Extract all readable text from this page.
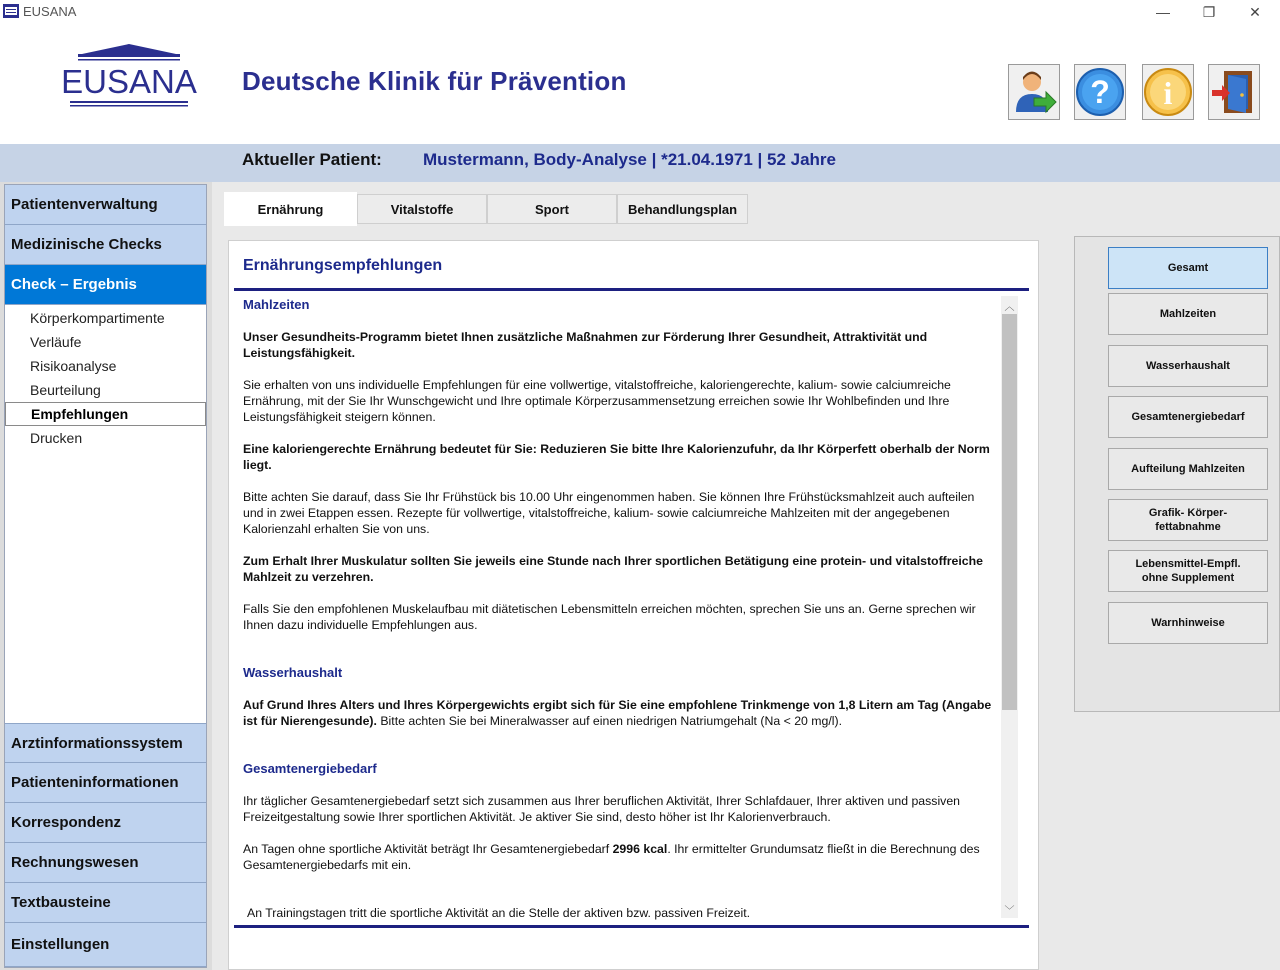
EUSANA	— ❐ ✕
EUSANA Deutsche Klinik für Prävention	? i
Aktueller Patient: Mustermann, Body-Analyse | *21.04.1971 | 52 Jahre
Patientenverwaltung
Medizinische Checks
Check – Ergebnis
Körperkompartimente
Verläufe
Risikoanalyse
Beurteilung
Empfehlungen
Drucken
Arztinformationssystem
Patienteninformationen
Korrespondenz
Rechnungswesen
Textbausteine
Einstellungen
Ernährung	Vitalstoffe	Sport	Behandlungsplan
Ernährungsempfehlungen
︿
﹀
Mahlzeiten
Unser Gesundheits-Programm bietet Ihnen zusätzliche Maßnahmen zur Förderung Ihrer Gesundheit, Attraktivität und Leistungsfähigkeit.
Sie erhalten von uns individuelle Empfehlungen für eine vollwertige, vitalstoffreiche, kaloriengerechte, kalium- sowie calciumreiche Ernährung, mit der Sie Ihr Wunschgewicht und Ihre optimale Körperzusammensetzung erreichen sowie Ihr Wohlbefinden und Ihre Leistungsfähigkeit steigern können.
Eine kaloriengerechte Ernährung bedeutet für Sie: Reduzieren Sie bitte Ihre Kalorienzufuhr, da Ihr Körperfett oberhalb der Norm liegt.
Bitte achten Sie darauf, dass Sie Ihr Frühstück bis 10.00 Uhr eingenommen haben. Sie können Ihre Frühstücksmahlzeit auch aufteilen und in zwei Etappen essen. Rezepte für vollwertige, vitalstoffreiche, kalium- sowie calciumreiche Mahlzeiten mit der angegebenen Kalorienzahl erhalten Sie von uns.
Zum Erhalt Ihrer Muskulatur sollten Sie jeweils eine Stunde nach Ihrer sportlichen Betätigung eine protein- und vitalstoffreiche Mahlzeit zu verzehren.
Falls Sie den empfohlenen Muskelaufbau mit diätetischen Lebensmitteln erreichen möchten, sprechen Sie uns an. Gerne sprechen wir Ihnen dazu individuelle Empfehlungen aus.
Wasserhaushalt
Auf Grund Ihres Alters und Ihres Körpergewichts ergibt sich für Sie eine empfohlene Trinkmenge von 1,8 Litern am Tag (Angabe ist für Nierengesunde). Bitte achten Sie bei Mineralwasser auf einen niedrigen Natriumgehalt (Na < 20 mg/l).
Gesamtenergiebedarf
Ihr täglicher Gesamtenergiebedarf setzt sich zusammen aus Ihrer beruflichen Aktivität, Ihrer Schlafdauer, Ihrer aktiven und passiven Freizeitgestaltung sowie Ihrer sportlichen Aktivität. Je aktiver Sie sind, desto höher ist Ihr Kalorienverbrauch.
An Tagen ohne sportliche Aktivität beträgt Ihr Gesamtenergiebedarf 2996 kcal. Ihr ermittelter Grundumsatz fließt in die Berechnung des Gesamtenergiebedarfs mit ein.
An Trainingstagen tritt die sportliche Aktivität an die Stelle der aktiven bzw. passiven Freizeit.
Gesamt
Mahlzeiten
Wasserhaushalt
Gesamtenergiebedarf
Aufteilung Mahlzeiten
Grafik- Körper-
fettabnahme
Lebensmittel-Empfl.
ohne Supplement
Warnhinweise
